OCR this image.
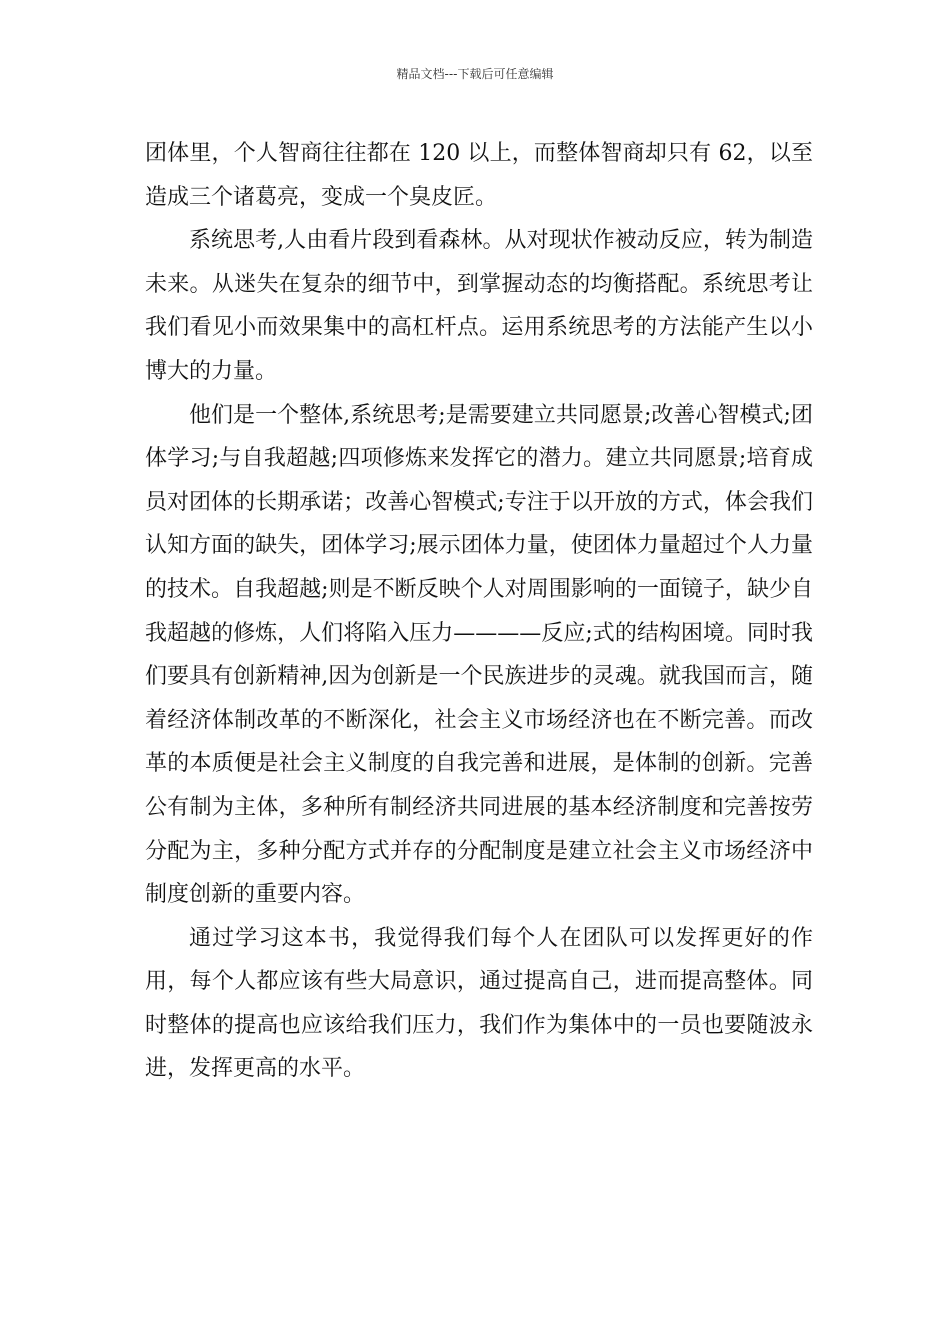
精品文档---下载后可任意编辑

团体里，个人智商往往都在 120 以上，而整体智商却只有 62，以至造成三个诸葛亮，变成一个臭皮匠。

系统思考,人由看片段到看森林。从对现状作被动反应，转为制造未来。从迷失在复杂的细节中，到掌握动态的均衡搭配。系统思考让我们看见小而效果集中的高杠杆点。运用系统思考的方法能产生以小博大的力量。

他们是一个整体,系统思考;是需要建立共同愿景;改善心智模式;团体学习;与自我超越;四项修炼来发挥它的潜力。建立共同愿景;培育成员对团体的长期承诺；改善心智模式;专注于以开放的方式，体会我们认知方面的缺失，团体学习;展示团体力量，使团体力量超过个人力量的技术。自我超越;则是不断反映个人对周围影响的一面镜子，缺少自我超越的修炼，人们将陷入压力————反应;式的结构困境。同时我们要具有创新精神,因为创新是一个民族进步的灵魂。就我国而言，随着经济体制改革的不断深化，社会主义市场经济也在不断完善。而改革的本质便是社会主义制度的自我完善和进展，是体制的创新。完善公有制为主体，多种所有制经济共同进展的基本经济制度和完善按劳分配为主，多种分配方式并存的分配制度是建立社会主义市场经济中制度创新的重要内容。

通过学习这本书，我觉得我们每个人在团队可以发挥更好的作用，每个人都应该有些大局意识，通过提高自己，进而提高整体。同时整体的提高也应该给我们压力，我们作为集体中的一员也要随波永进，发挥更高的水平。
